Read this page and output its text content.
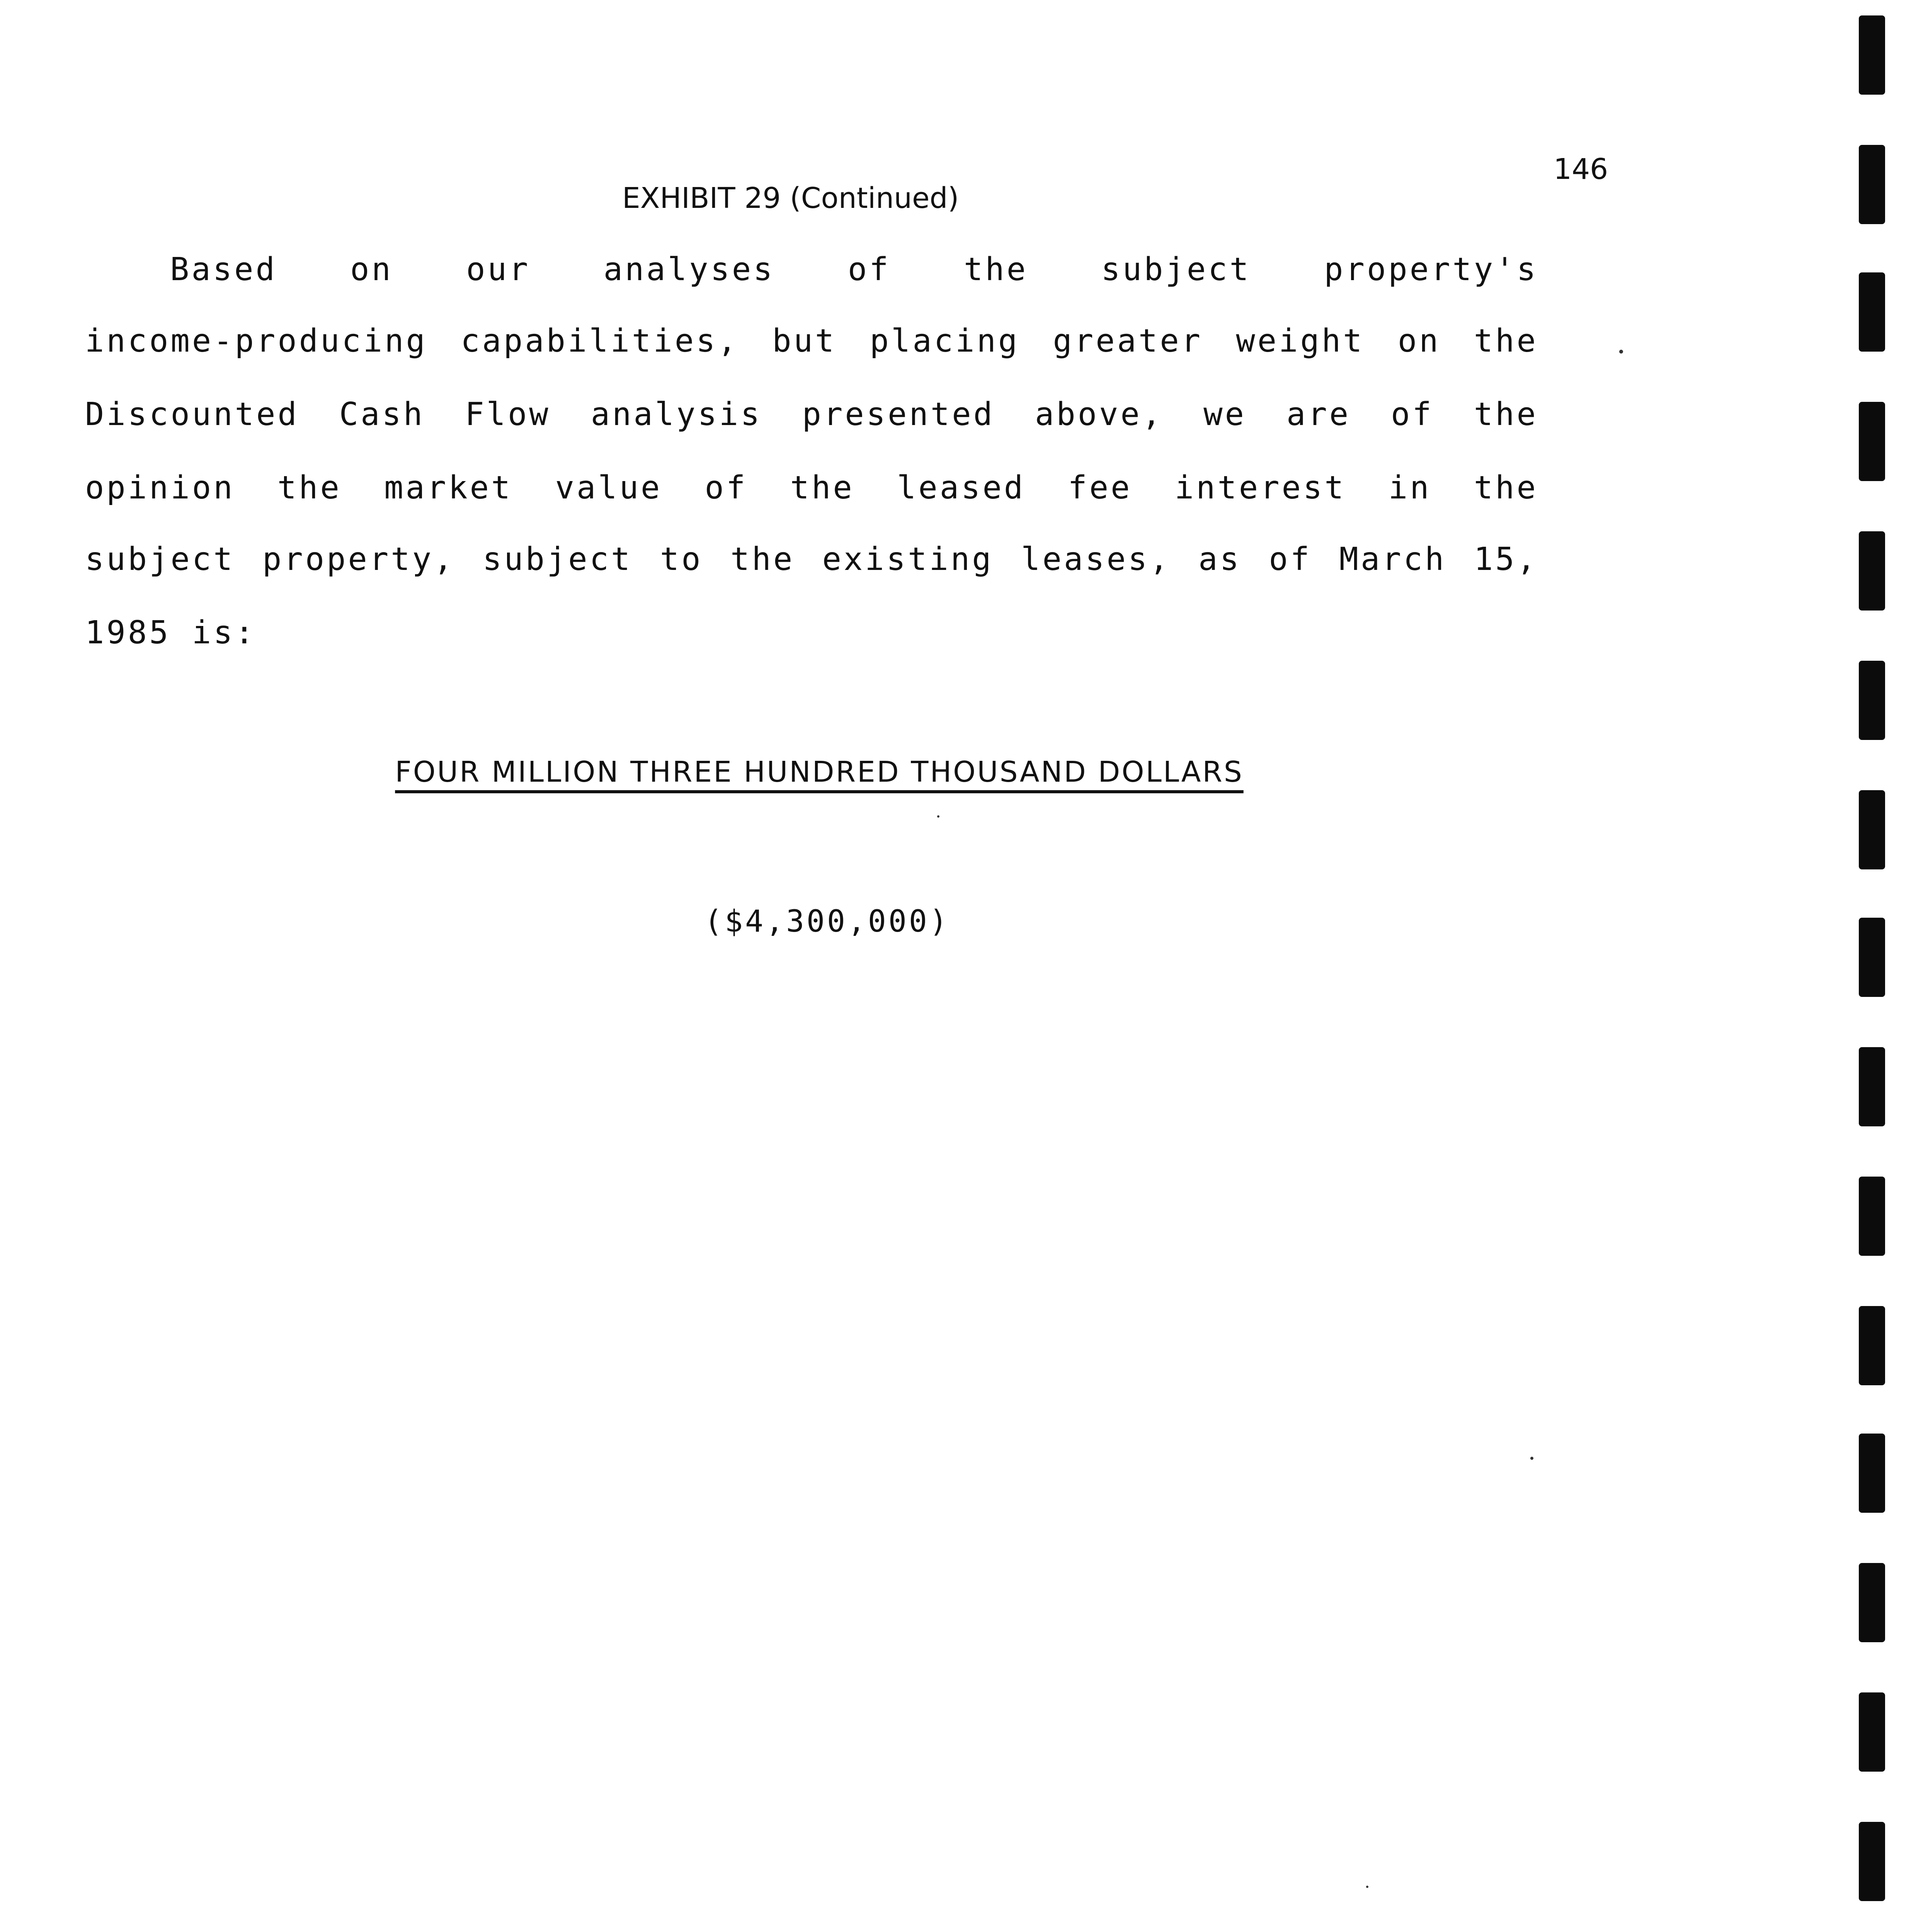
146
EXHIBIT 29 (Continued)
Based on our analyses of the subject property's
income-producing capabilities, but placing greater weight on the
Discounted Cash Flow analysis presented above, we are of the
opinion the market value of the leased fee interest in the
subject property, subject to the existing leases, as of March 15,
1985 is:
FOUR MILLION THREE HUNDRED THOUSAND DOLLARS
($4,300,000)
